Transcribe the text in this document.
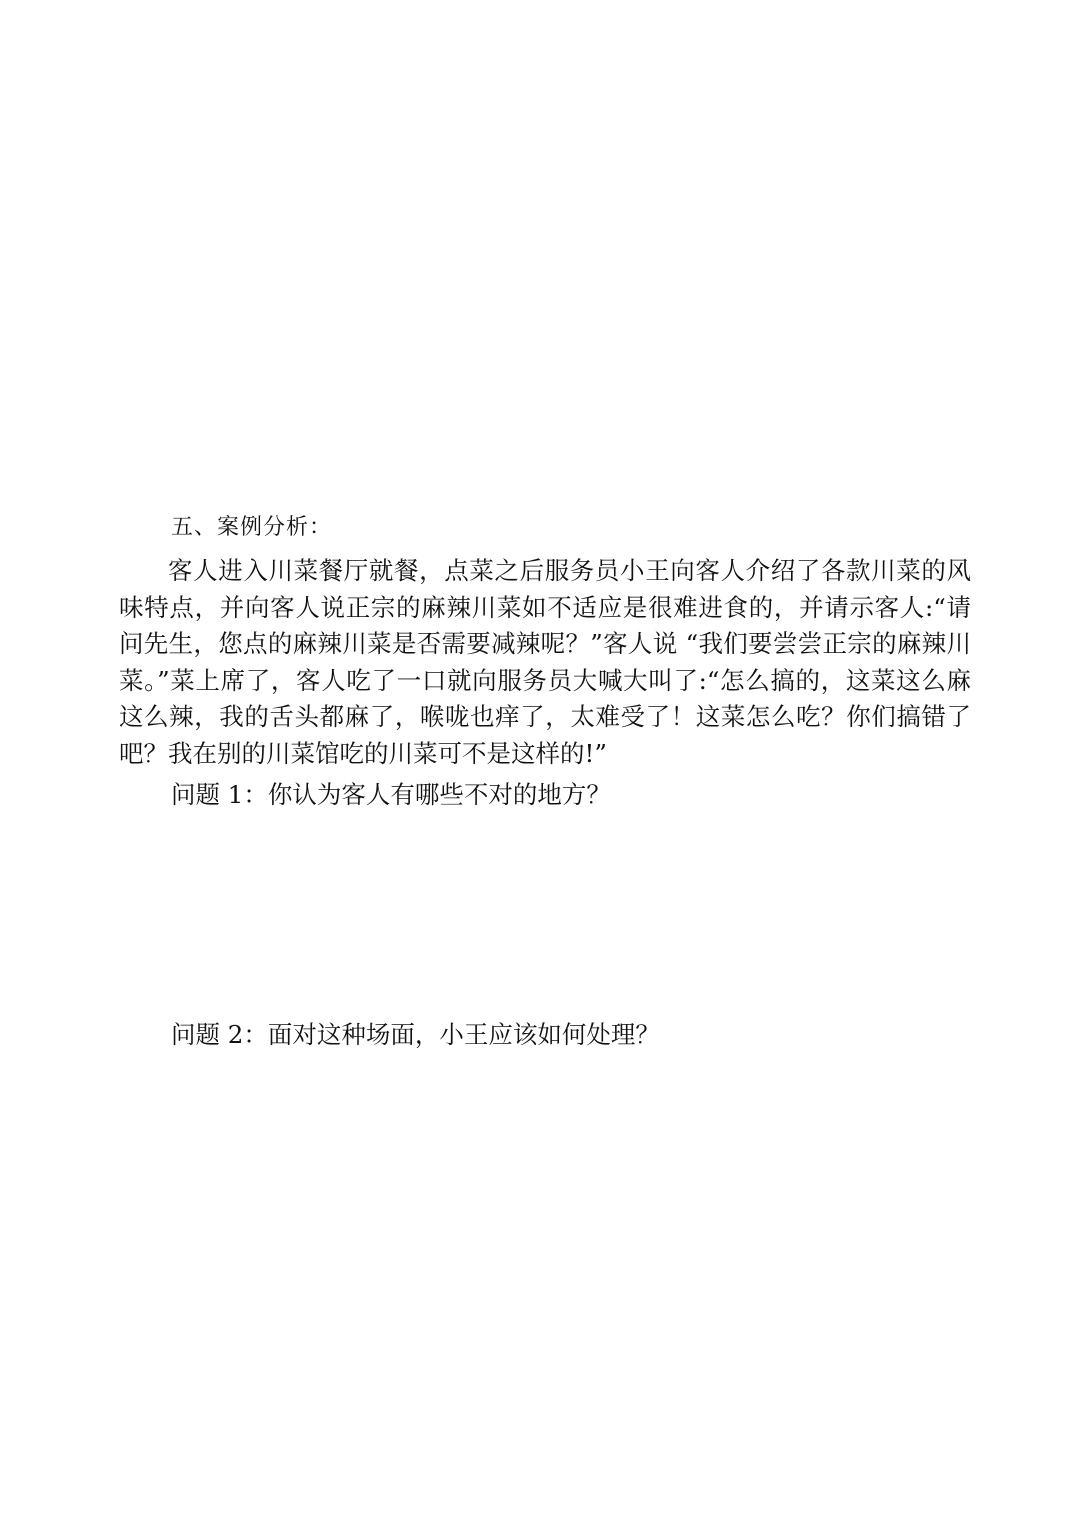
五、案例分析：

客人进入川菜餐厅就餐，点菜之后服务员小王向客人介绍了各款川菜的风味特点，并向客人说正宗的麻辣川菜如不适应是很难进食的，并请示客人:“请问先生，您点的麻辣川菜是否需要减辣呢？”客人说 “我们要尝尝正宗的麻辣川菜。”菜上席了，客人吃了一口就向服务员大喊大叫了:“怎么搞的，这菜这么麻这么辣，我的舌头都麻了，喉咙也痒了，太难受了！这菜怎么吃？你们搞错了吧？我在别的川菜馆吃的川菜可不是这样的!”

问题 1：你认为客人有哪些不对的地方？
问题 2：面对这种场面，小王应该如何处理？
